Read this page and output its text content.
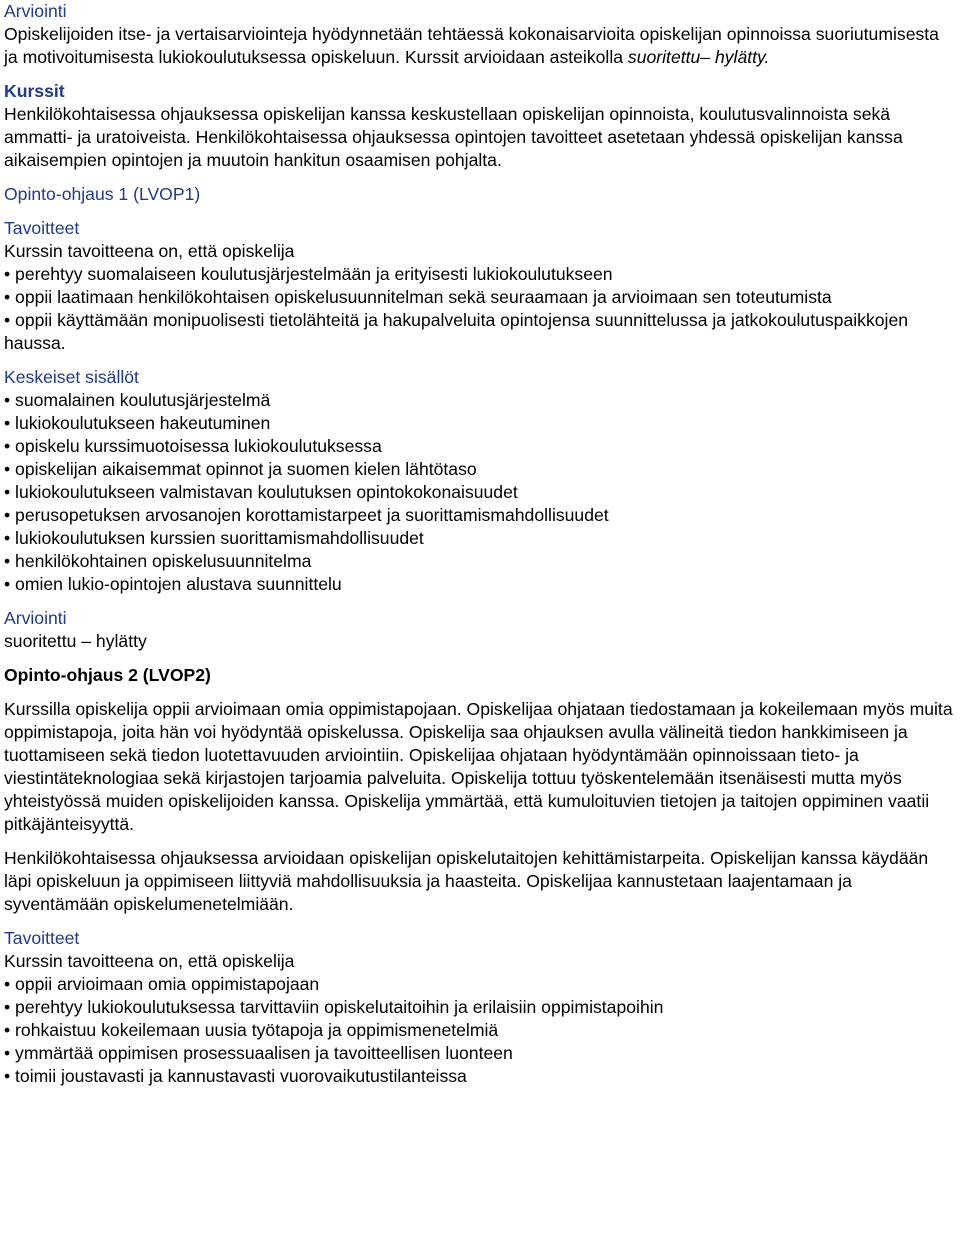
Arviointi

Opiskelijoiden itse- ja vertaisarviointeja hyödynnetään tehtäessä kokonaisarvioita opiskelijan opinnoissa suoriutumisesta ja motivoitumisesta lukiokoulutuksessa opiskeluun. Kurssit arvioidaan asteikolla suoritettu– hylätty.

Kurssit

Henkilökohtaisessa ohjauksessa opiskelijan kanssa keskustellaan opiskelijan opinnoista, koulutusvalinnoista sekä ammatti- ja uratoiveista. Henkilökohtaisessa ohjauksessa opintojen tavoitteet asetetaan yhdessä opiskelijan kanssa aikaisempien opintojen ja muutoin hankitun osaamisen pohjalta.

Opinto-ohjaus 1 (LVOP1)

Tavoitteet

Kurssin tavoitteena on, että opiskelija

• perehtyy suomalaiseen koulutusjärjestelmään ja erityisesti lukiokoulutukseen
• oppii laatimaan henkilökohtaisen opiskelusuunnitelman sekä seuraamaan ja arvioimaan sen toteutumista
• oppii käyttämään monipuolisesti tietolähteitä ja hakupalveluita opintojensa suunnittelussa ja jatkokoulutuspaikkojen haussa.

Keskeiset sisällöt

• suomalainen koulutusjärjestelmä
• lukiokoulutukseen hakeutuminen
• opiskelu kurssimuotoisessa lukiokoulutuksessa
• opiskelijan aikaisemmat opinnot ja suomen kielen lähtötaso
• lukiokoulutukseen valmistavan koulutuksen opintokokonaisuudet
• perusopetuksen arvosanojen korottamistarpeet ja suorittamismahdollisuudet
• lukiokoulutuksen kurssien suorittamismahdollisuudet
• henkilökohtainen opiskelusuunnitelma
• omien lukio-opintojen alustava suunnittelu

Arviointi

suoritettu – hylätty

Opinto-ohjaus 2 (LVOP2)

Kurssilla opiskelija oppii arvioimaan omia oppimistapojaan. Opiskelijaa ohjataan tiedostamaan ja kokeilemaan myös muita oppimistapoja, joita hän voi hyödyntää opiskelussa. Opiskelija saa ohjauksen avulla välineitä tiedon hankkimiseen ja tuottamiseen sekä tiedon luotettavuuden arviointiin. Opiskelijaa ohjataan hyödyntämään opinnoissaan tieto- ja viestintäteknologiaa sekä kirjastojen tarjoamia palveluita. Opiskelija tottuu työskentelemään itsenäisesti mutta myös yhteistyössä muiden opiskelijoiden kanssa. Opiskelija ymmärtää, että kumuloituvien tietojen ja taitojen oppiminen vaatii pitkäjänteisyyttä.

Henkilökohtaisessa ohjauksessa arvioidaan opiskelijan opiskelutaitojen kehittämistarpeita. Opiskelijan kanssa käydään läpi opiskeluun ja oppimiseen liittyviä mahdollisuuksia ja haasteita. Opiskelijaa kannustetaan laajentamaan ja syventämään opiskelumenetelmiään.

Tavoitteet

Kurssin tavoitteena on, että opiskelija

• oppii arvioimaan omia oppimistapojaan
• perehtyy lukiokoulutuksessa tarvittaviin opiskelutaitoihin ja erilaisiin oppimistapoihin
• rohkaistuu kokeilemaan uusia työtapoja ja oppimismenetelmiä
• ymmärtää oppimisen prosessuaalisen ja tavoitteellisen luonteen
• toimii joustavasti ja kannustavasti vuorovaikutustilanteissa
